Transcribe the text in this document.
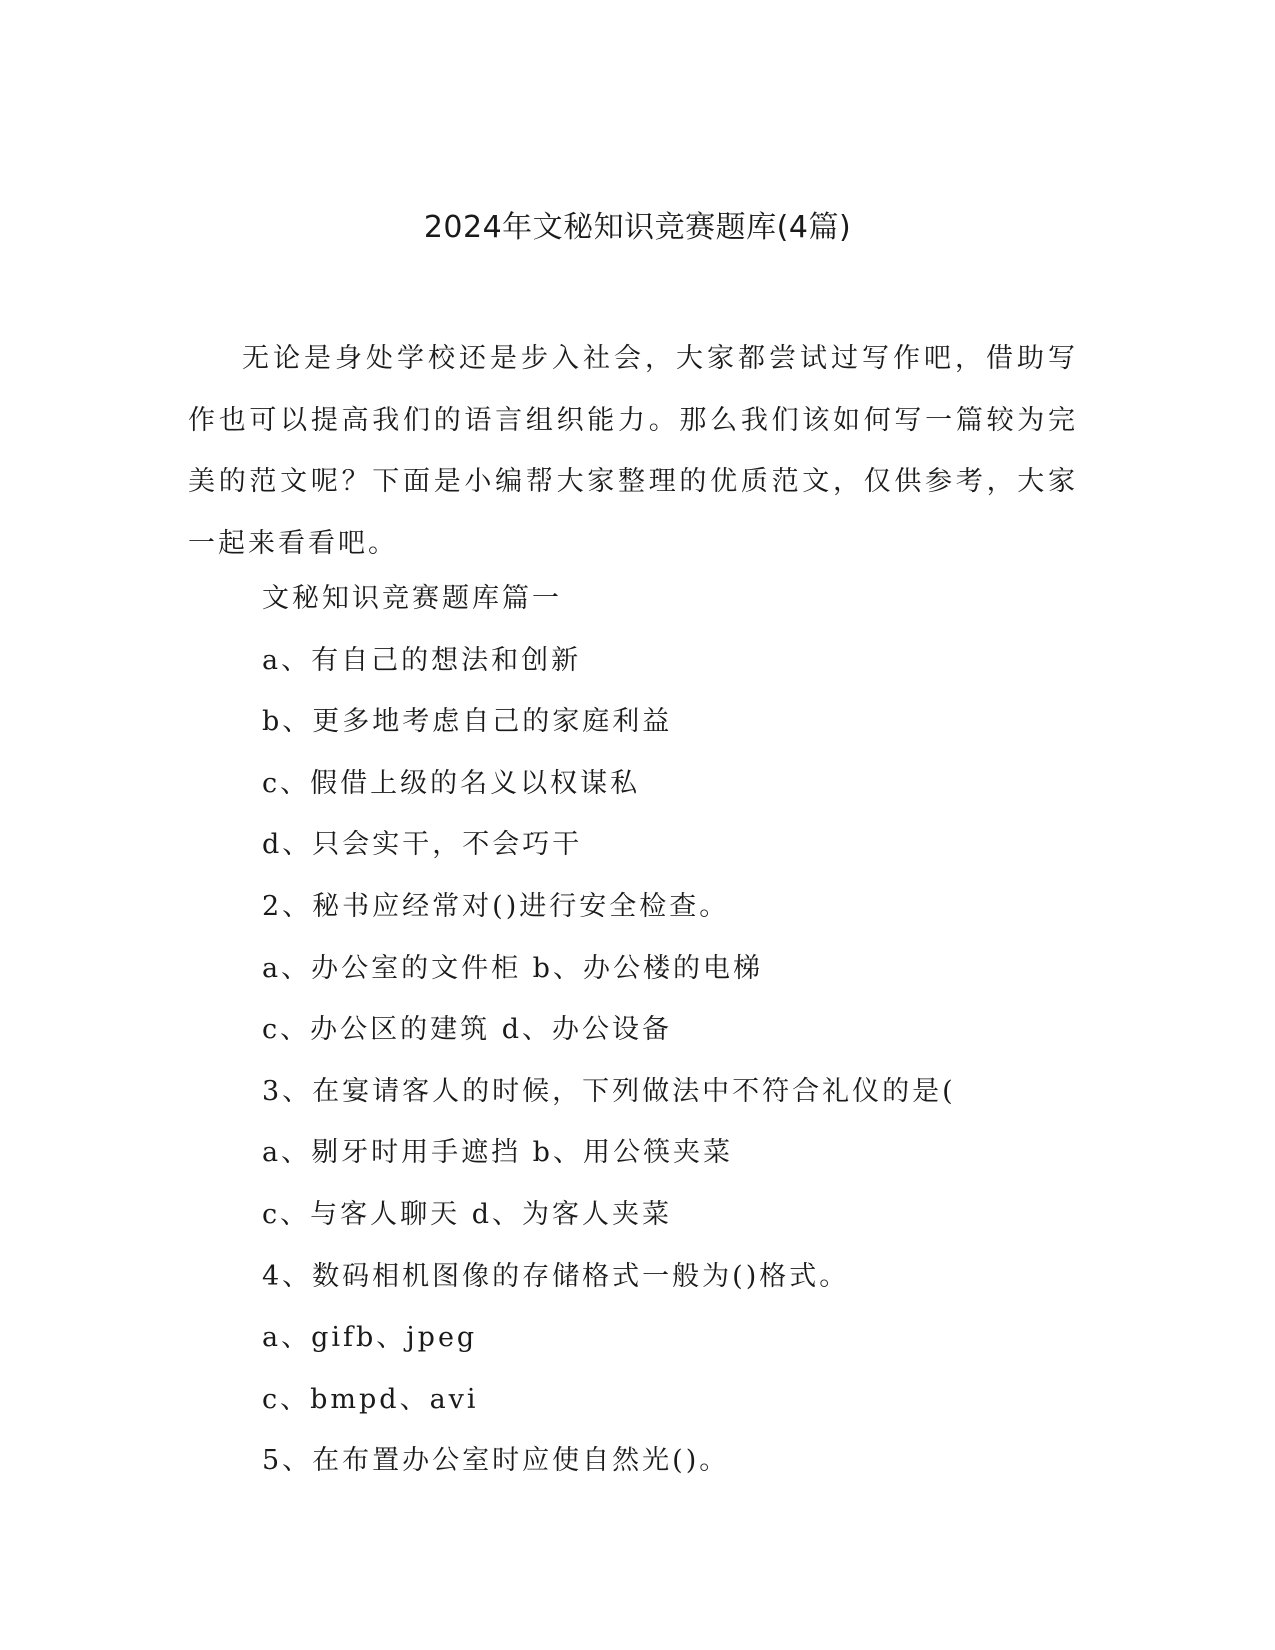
2024年文秘知识竞赛题库(4篇)

无论是身处学校还是步入社会，大家都尝试过写作吧，借助写作也可以提高我们的语言组织能力。那么我们该如何写一篇较为完美的范文呢？下面是小编帮大家整理的优质范文，仅供参考，大家一起来看看吧。

文秘知识竞赛题库篇一
a、有自己的想法和创新
b、更多地考虑自己的家庭利益
c、假借上级的名义以权谋私
d、只会实干，不会巧干
2、秘书应经常对()进行安全检查。
a、办公室的文件柜 b、办公楼的电梯
c、办公区的建筑 d、办公设备
3、在宴请客人的时候，下列做法中不符合礼仪的是(
a、剔牙时用手遮挡 b、用公筷夹菜
c、与客人聊天 d、为客人夹菜
4、数码相机图像的存储格式一般为()格式。
a、gifb、jpeg
c、bmpd、avi
5、在布置办公室时应使自然光()。
